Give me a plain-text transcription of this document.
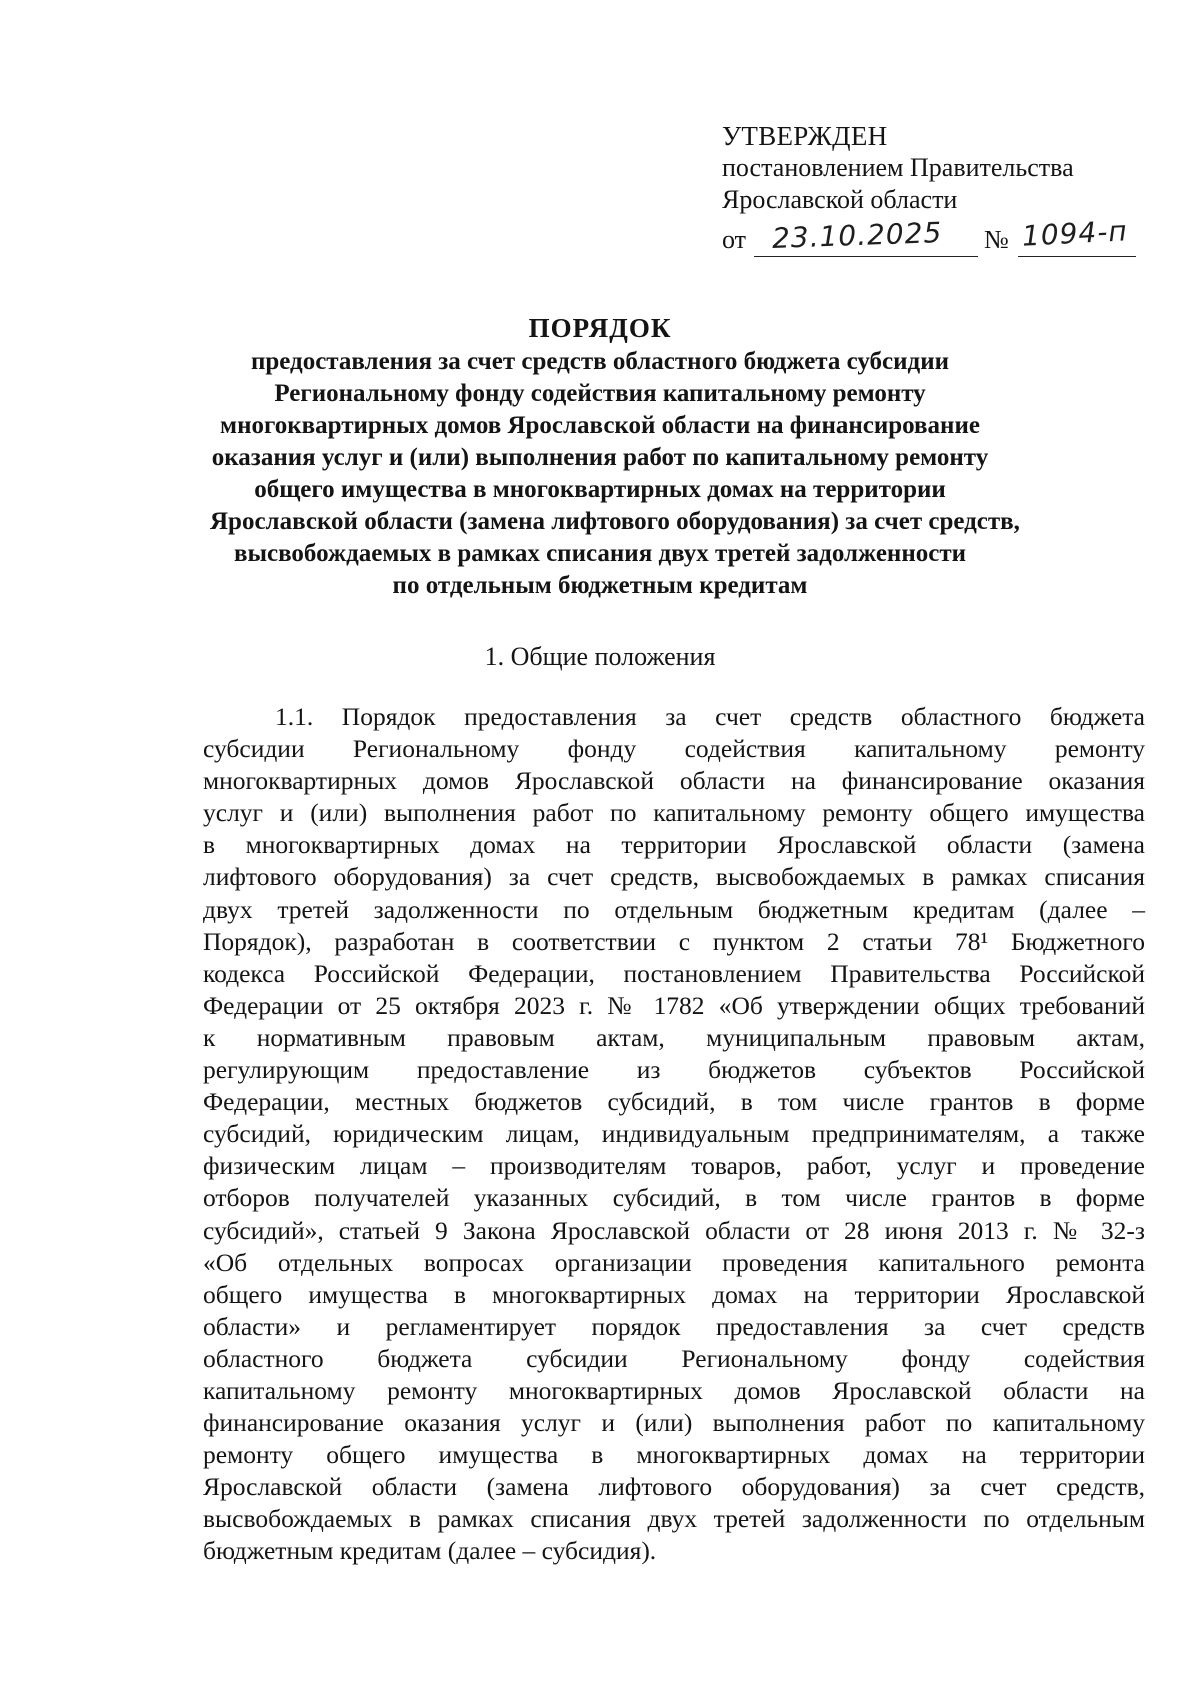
УТВЕРЖДЕН
постановлением Правительства
Ярославской области
от 23.10.2025 № 1094-п
ПОРЯДОК
предоставления за счет средств областного бюджета субсидии
Региональному фонду содействия капитальному ремонту
многоквартирных домов Ярославской области на финансирование
оказания услуг и (или) выполнения работ по капитальному ремонту
общего имущества в многоквартирных домах на территории
Ярославской области (замена лифтового оборудования) за счет средств,
высвобождаемых в рамках списания двух третей задолженности
по отдельным бюджетным кредитам
1. Общие положения
1.1. Порядок предоставления за счет средств областного бюджета
субсидии Региональному фонду содействия капитальному ремонту
многоквартирных домов Ярославской области на финансирование оказания
услуг и (или) выполнения работ по капитальному ремонту общего имущества
в многоквартирных домах на территории Ярославской области (замена
лифтового оборудования) за счет средств, высвобождаемых в рамках списания
двух третей задолженности по отдельным бюджетным кредитам (далее –
Порядок), разработан в соответствии с пунктом 2 статьи 78¹ Бюджетного
кодекса Российской Федерации, постановлением Правительства Российской
Федерации от 25 октября 2023 г. № 1782 «Об утверждении общих требований
к нормативным правовым актам, муниципальным правовым актам,
регулирующим предоставление из бюджетов субъектов Российской
Федерации, местных бюджетов субсидий, в том числе грантов в форме
субсидий, юридическим лицам, индивидуальным предпринимателям, а также
физическим лицам – производителям товаров, работ, услуг и проведение
отборов получателей указанных субсидий, в том числе грантов в форме
субсидий», статьей 9 Закона Ярославской области от 28 июня 2013 г. № 32-з
«Об отдельных вопросах организации проведения капитального ремонта
общего имущества в многоквартирных домах на территории Ярославской
области» и регламентирует порядок предоставления за счет средств
областного бюджета субсидии Региональному фонду содействия
капитальному ремонту многоквартирных домов Ярославской области на
финансирование оказания услуг и (или) выполнения работ по капитальному
ремонту общего имущества в многоквартирных домах на территории
Ярославской области (замена лифтового оборудования) за счет средств,
высвобождаемых в рамках списания двух третей задолженности по отдельным
бюджетным кредитам (далее – субсидия).
